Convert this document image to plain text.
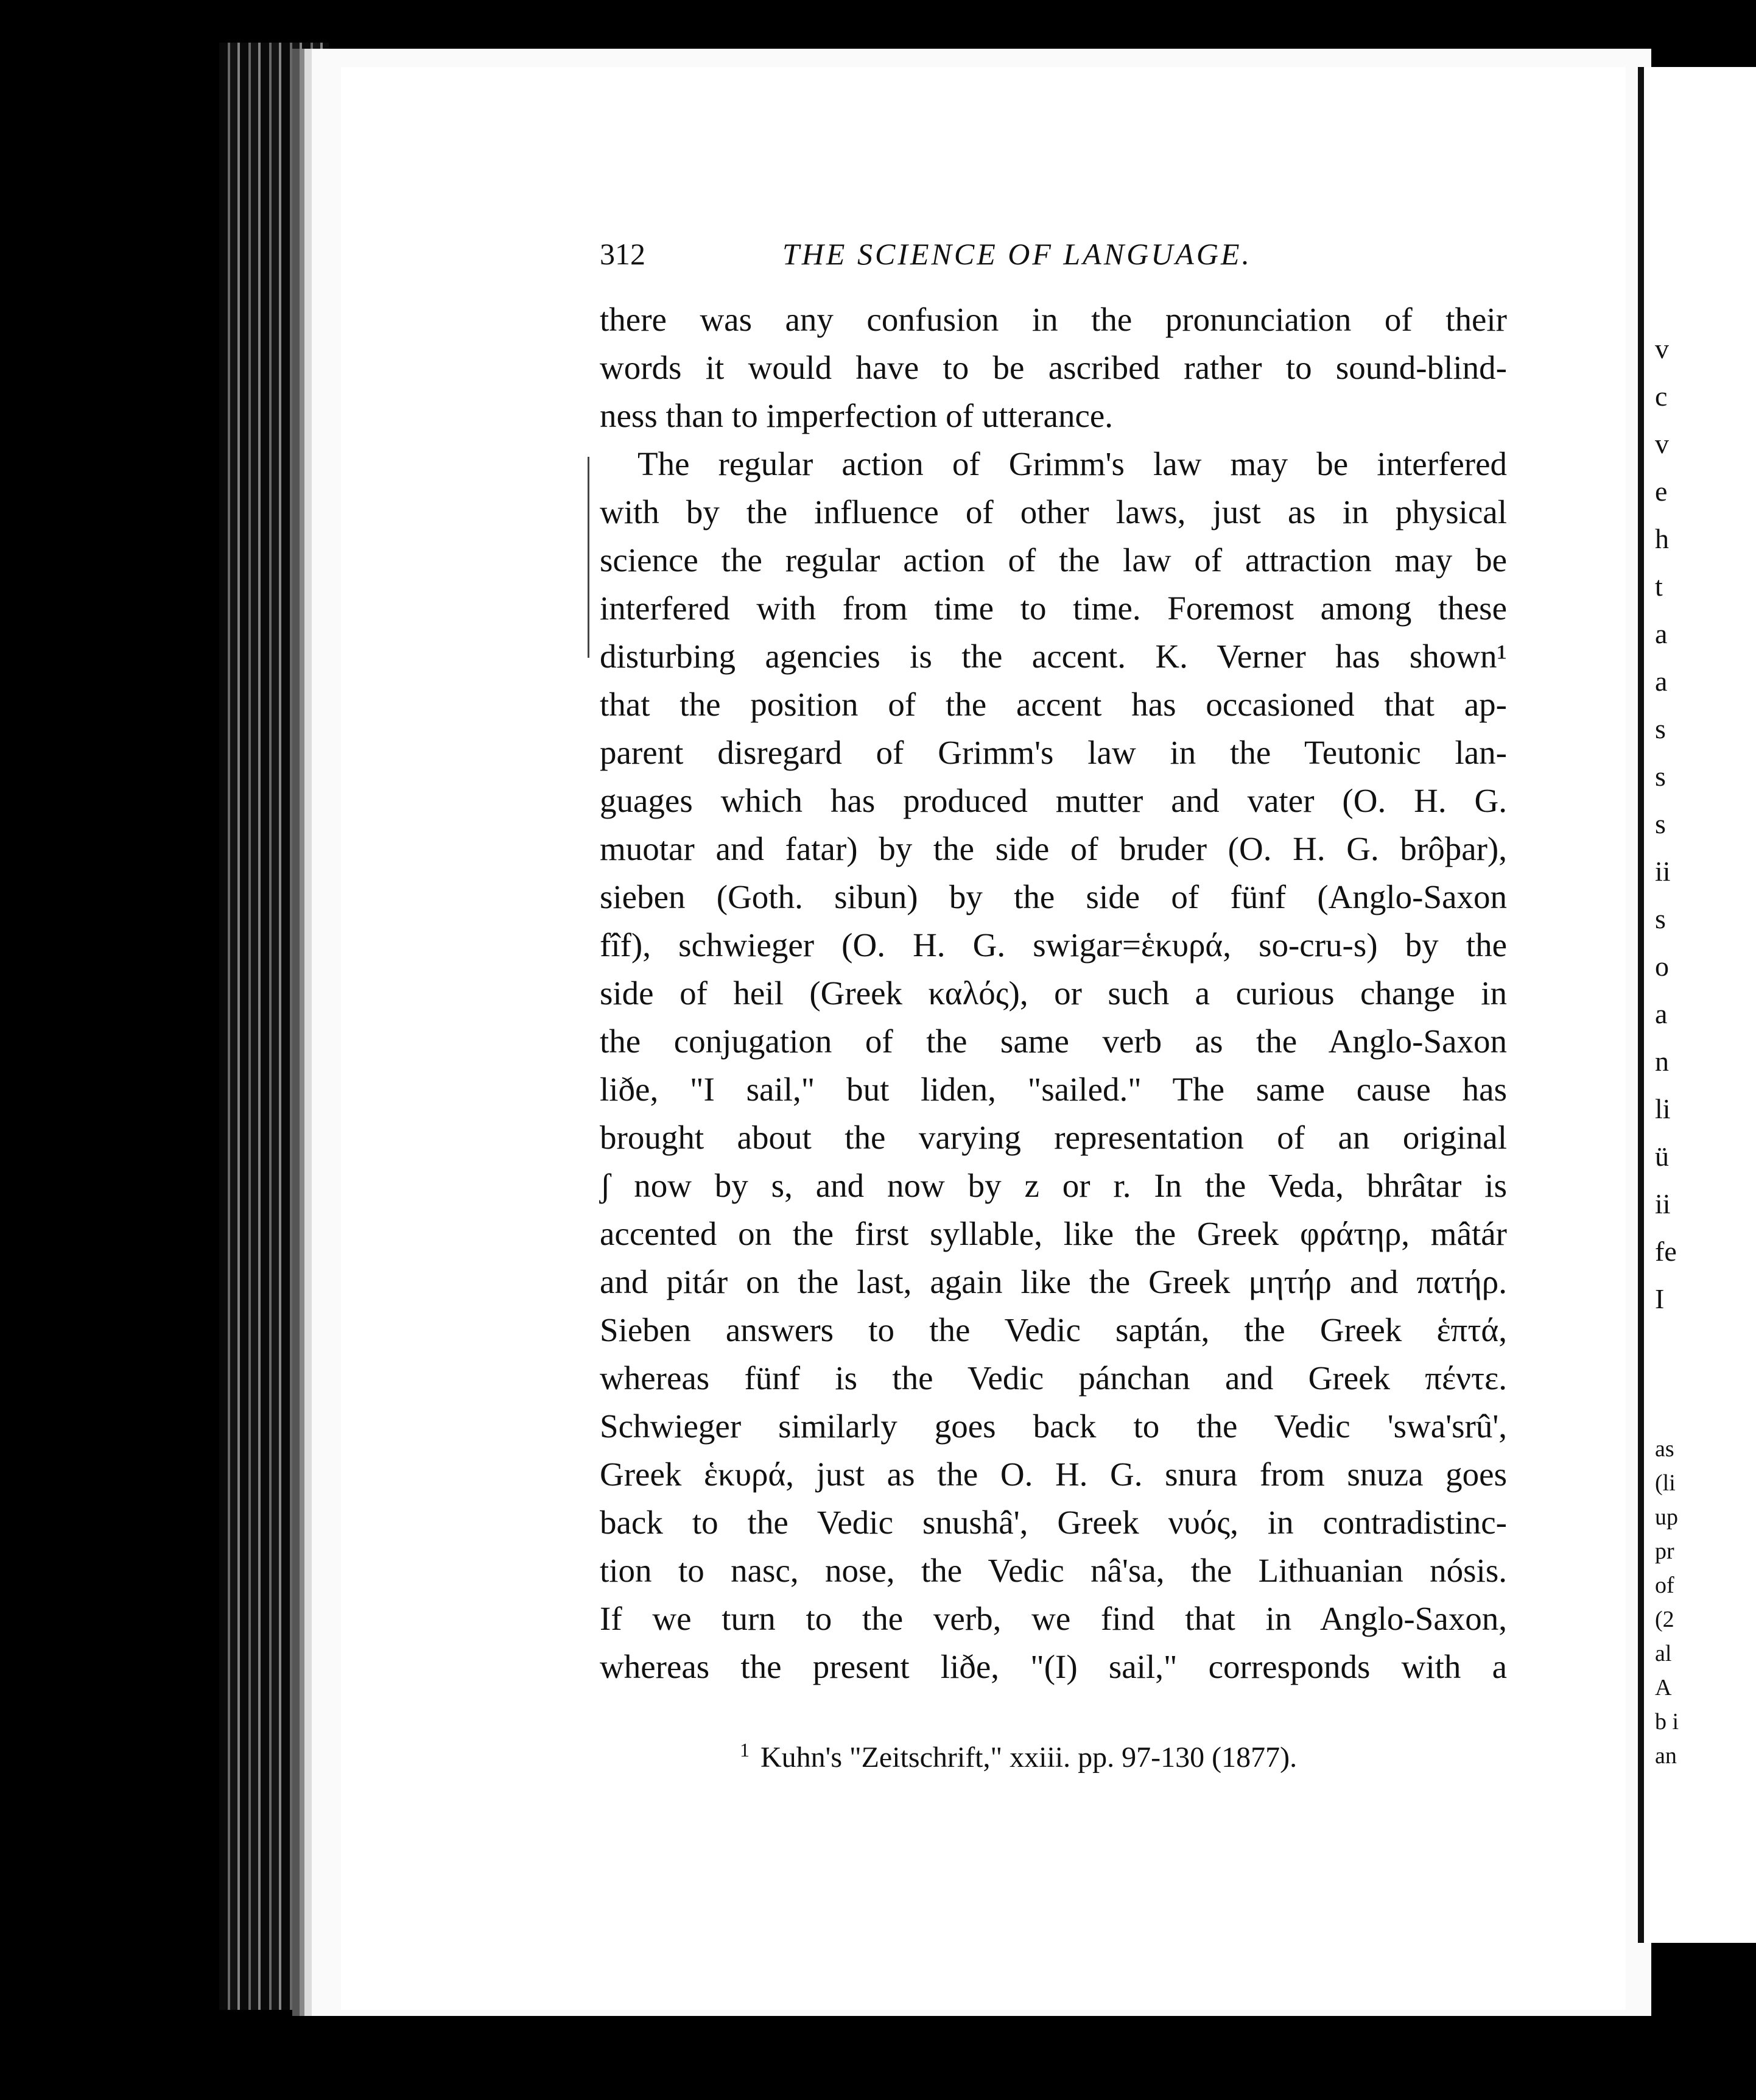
312	THE SCIENCE OF LANGUAGE.
there was any confusion in the pronunciation of their
words it would have to be ascribed rather to sound-blind-
ness than to imperfection of utterance.
The regular action of Grimm's law may be interfered
with by the influence of other laws, just as in physical
science the regular action of the law of attraction may be
interfered with from time to time. Foremost among these
disturbing agencies is the accent. K. Verner has shown¹
that the position of the accent has occasioned that ap-
parent disregard of Grimm's law in the Teutonic lan-
guages which has produced mutter and vater (O. H. G.
muotar and fatar) by the side of bruder (O. H. G. brôþar),
sieben (Goth. sibun) by the side of fünf (Anglo-Saxon
fîf), schwieger (O. H. G. swigar=ἑκυρά, so-cru-s) by the
side of heil (Greek καλός), or such a curious change in
the conjugation of the same verb as the Anglo-Saxon
liðe, "I sail," but liden, "sailed." The same cause has
brought about the varying representation of an original
ʃ now by s, and now by z or r. In the Veda, bhrâtar is
accented on the first syllable, like the Greek φράτηρ, mâtár
and pitár on the last, again like the Greek μητήρ and πατήρ.
Sieben answers to the Vedic saptán, the Greek ἑπτά,
whereas fünf is the Vedic pánchan and Greek πέντε.
Schwieger similarly goes back to the Vedic 'swa'srû',
Greek ἑκυρά, just as the O. H. G. snura from snuza goes
back to the Vedic snushâ', Greek νυός, in contradistinc-
tion to nasc, nose, the Vedic nâ'sa, the Lithuanian nósis.
If we turn to the verb, we find that in Anglo-Saxon,
whereas the present liðe, "(I) sail," corresponds with a
$^1$ Kuhn's "Zeitschrift," xxiii. pp. 97-130 (1877).
v
c
v
e
h
t
a
a
s
s
s
ii
s
o
a
n
li
ü
ii
fe
I
as
(li
up
pr
of
(2
al
A
b i
an
